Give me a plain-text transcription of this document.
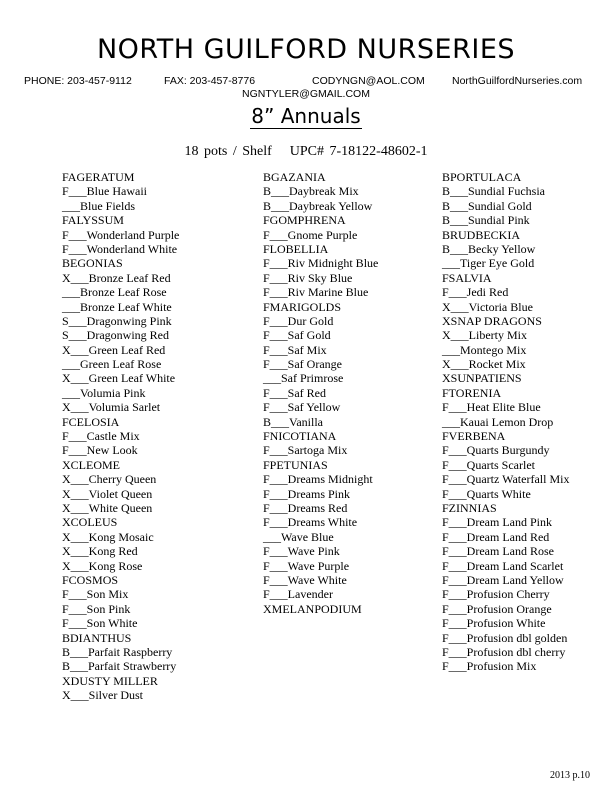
NORTH GUILFORD NURSERIES
PHONE: 203-457-9112	FAX: 203-457-8776	CODYNGN@AOL.COM	NorthGuilfordNurseries.com
NGNTYLER@GMAIL.COM
8” Annuals
18 pots / Shelf UPC# 7-18122-48602-1
FAGERATUM
F___Blue Hawaii
___Blue Fields
FALYSSUM
F___Wonderland Purple
F___Wonderland White
BEGONIAS
X___Bronze Leaf Red
___Bronze Leaf Rose
___Bronze Leaf White
S___Dragonwing Pink
S___Dragonwing Red
X___Green Leaf Red
___Green Leaf Rose
X___Green Leaf White
___Volumia Pink
X___Volumia Sarlet
FCELOSIA
F___Castle Mix
F___New Look
XCLEOME
X___Cherry Queen
X___Violet Queen
X___White Queen
XCOLEUS
X___Kong Mosaic
X___Kong Red
X___Kong Rose
FCOSMOS
F___Son Mix
F___Son Pink
F___Son White
BDIANTHUS
B___Parfait Raspberry
B___Parfait Strawberry
XDUSTY MILLER
X___Silver Dust
BGAZANIA
B___Daybreak Mix
B___Daybreak Yellow
FGOMPHRENA
F___Gnome Purple
FLOBELLIA
F___Riv Midnight Blue
F___Riv Sky Blue
F___Riv Marine Blue
FMARIGOLDS
F___Dur Gold
F___Saf Gold
F___Saf Mix
F___Saf Orange
___Saf Primrose
F___Saf Red
F___Saf Yellow
B___Vanilla
FNICOTIANA
F___Sartoga Mix
FPETUNIAS
F___Dreams Midnight
F___Dreams Pink
F___Dreams Red
F___Dreams White
___Wave Blue
F___Wave Pink
F___Wave Purple
F___Wave White
F___Lavender
XMELANPODIUM
BPORTULACA
B___Sundial Fuchsia
B___Sundial Gold
B___Sundial Pink
BRUDBECKIA
B___Becky Yellow
___Tiger Eye Gold
FSALVIA
F___Jedi Red
X___Victoria Blue
XSNAP DRAGONS
X___Liberty Mix
___Montego Mix
X___Rocket Mix
XSUNPATIENS
FTORENIA
F___Heat Elite Blue
___Kauai Lemon Drop
FVERBENA
F___Quarts Burgundy
F___Quarts Scarlet
F___Quartz Waterfall Mix
F___Quarts White
FZINNIAS
F___Dream Land Pink
F___Dream Land Red
F___Dream Land Rose
F___Dream Land Scarlet
F___Dream Land Yellow
F___Profusion Cherry
F___Profusion Orange
F___Profusion White
F___Profusion dbl golden
F___Profusion dbl cherry
F___Profusion Mix
2013 p.10
